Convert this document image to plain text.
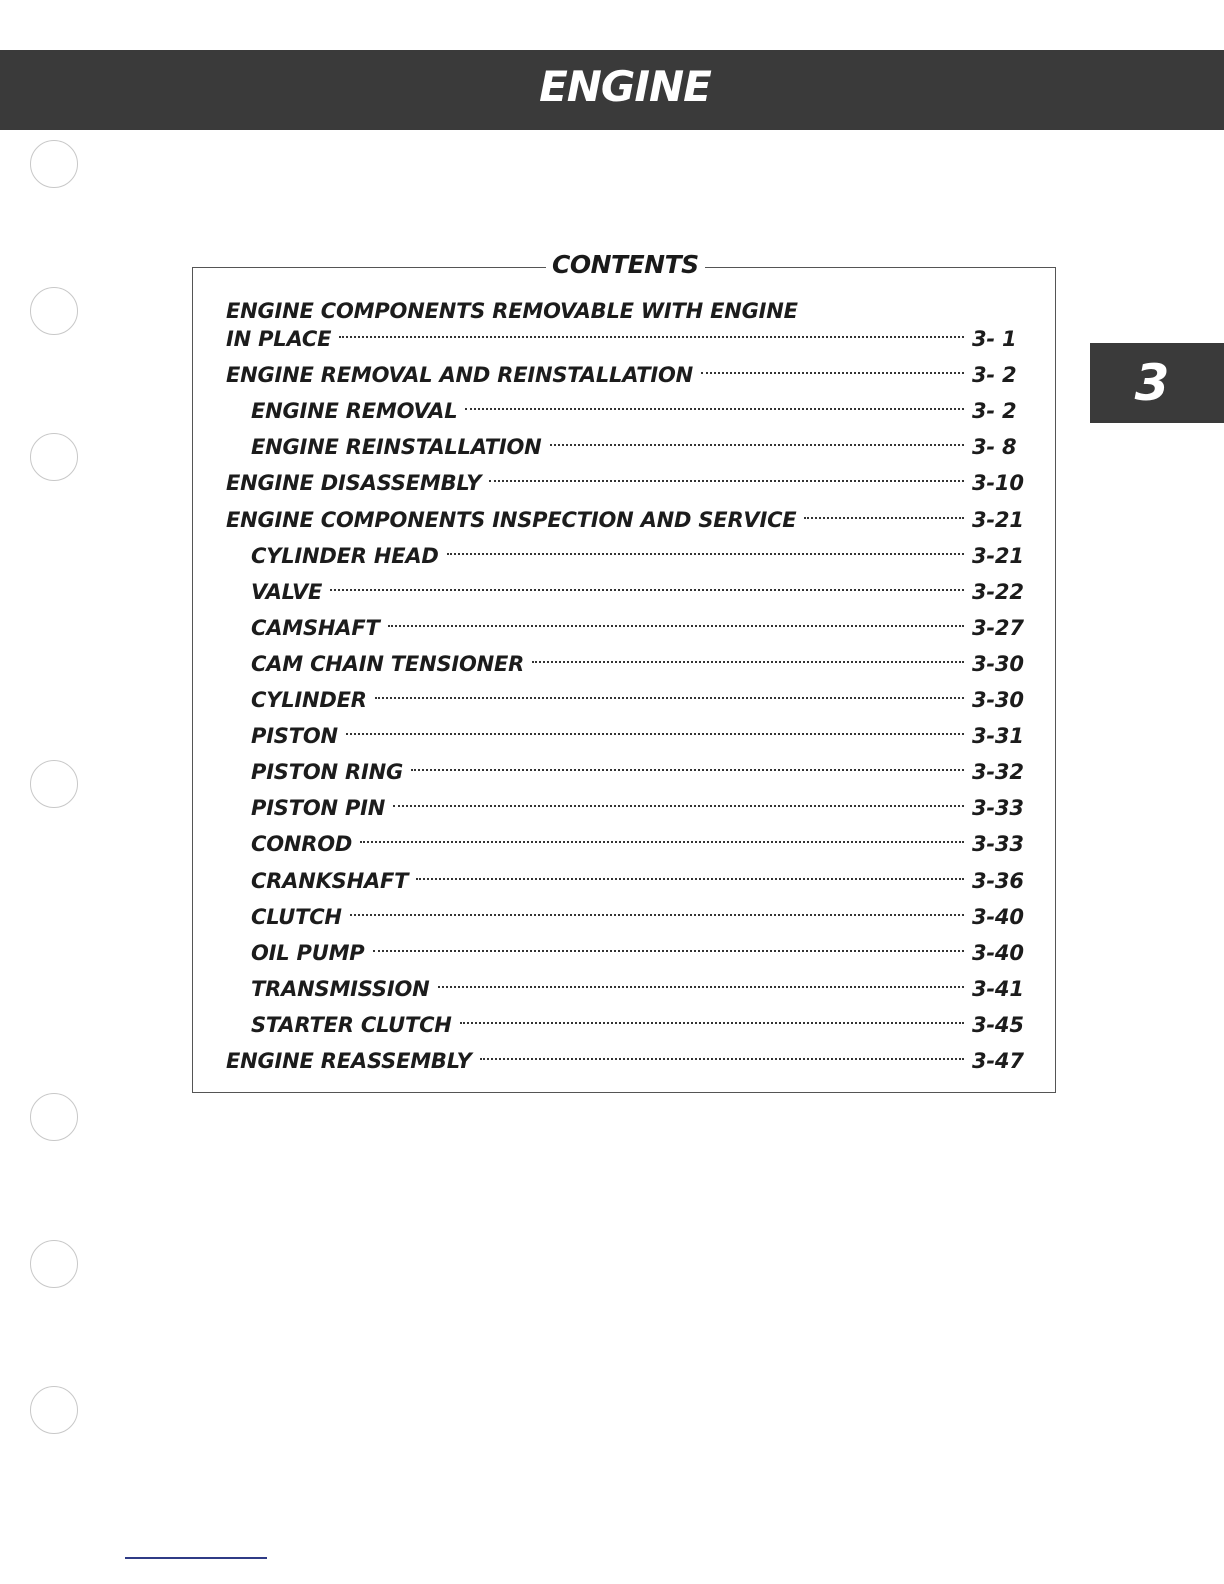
ENGINE
3
CONTENTS
ENGINE COMPONENTS REMOVABLE WITH ENGINE
IN PLACE	3- 1
ENGINE REMOVAL AND REINSTALLATION	3- 2
ENGINE REMOVAL	3- 2
ENGINE REINSTALLATION	3- 8
ENGINE DISASSEMBLY	3-10
ENGINE COMPONENTS INSPECTION AND SERVICE	3-21
CYLINDER HEAD	3-21
VALVE	3-22
CAMSHAFT	3-27
CAM CHAIN TENSIONER	3-30
CYLINDER	3-30
PISTON	3-31
PISTON RING	3-32
PISTON PIN	3-33
CONROD	3-33
CRANKSHAFT	3-36
CLUTCH	3-40
OIL PUMP	3-40
TRANSMISSION	3-41
STARTER CLUTCH	3-45
ENGINE REASSEMBLY	3-47
